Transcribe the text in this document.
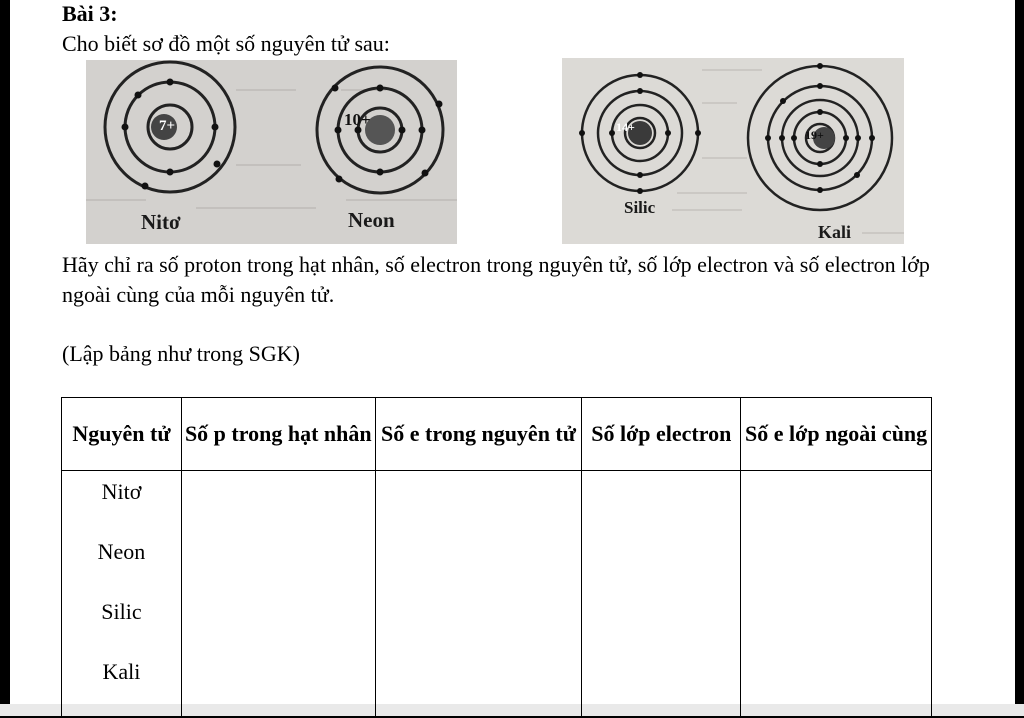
Bài 3:
Cho biết sơ đồ một số nguyên tử sau:
7+	10+
Nitơ	Neon
14+
19+
Silic
Kali
Hãy chỉ ra số proton trong hạt nhân, số electron trong nguyên tử, số lớp electron và số electron lớp ngoài cùng của mỗi nguyên tử.
(Lập bảng như trong SGK)
Nguyên tử	Số p trong hạt nhân	Số e trong nguyên tử	Số lớp electron	Số e lớp ngoài cùng

Nitơ
Neon
Silic
Kali				
